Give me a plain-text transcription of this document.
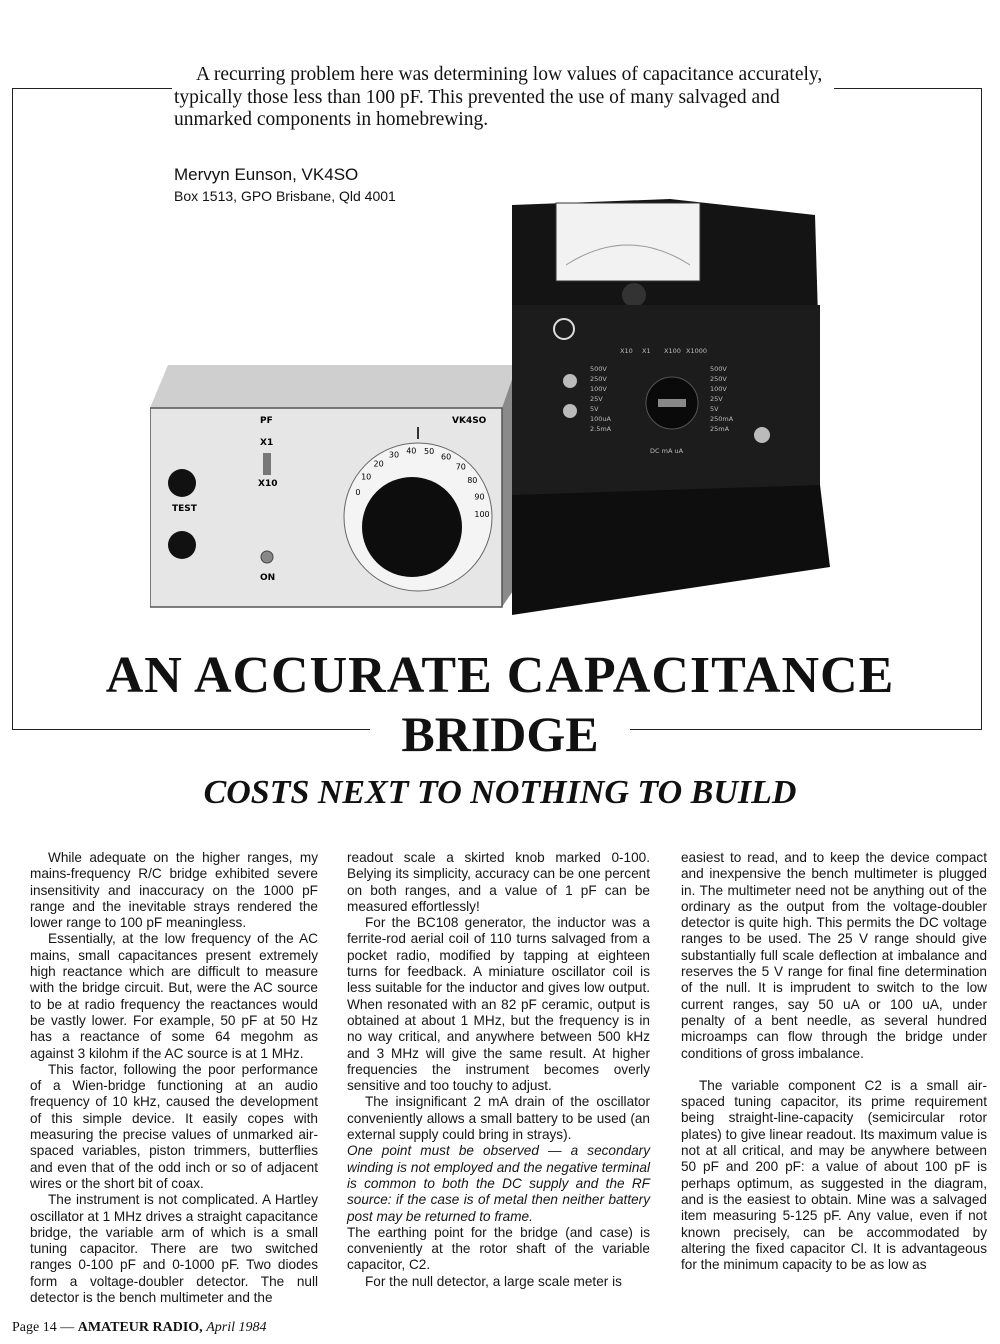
A recurring problem here was determining low values of capacitance accurately, typically those less than 100 pF. This prevented the use of many salvaged and unmarked components in homebrewing.

Mervyn Eunson, VK4SO
Box 1513, GPO Brisbane, Qld 4001
PF	VK4SO
X1
X10
TEST
ON
0
10
20
30 40 50
60
70
80
90
100
500V
250V
100V
25V
5V
100uA
2.5mA
500V
250V
100V
25V
5V
250mA
25mA
X10 X1 X100 X1000
DC mA uA
AN ACCURATE CAPACITANCE
BRIDGE
COSTS NEXT TO NOTHING TO BUILD

While adequate on the higher ranges, my mains-frequency R/C bridge exhibited severe insensitivity and inaccuracy on the 1000 pF range and the inevitable strays rendered the lower range to 100 pF meaningless.

Essentially, at the low frequency of the AC mains, small capacitances present extremely high reactance which are difficult to measure with the bridge circuit. But, were the AC source to be at radio frequency the reactances would be vastly lower. For example, 50 pF at 50 Hz has a reactance of some 64 megohm as against 3 kilohm if the AC source is at 1 MHz.

This factor, following the poor performance of a Wien-bridge functioning at an audio frequency of 10 kHz, caused the development of this simple device. It easily copes with measuring the precise values of unmarked air-spaced variables, piston trimmers, butterflies and even that of the odd inch or so of adjacent wires or the short bit of coax.

The instrument is not complicated. A Hartley oscillator at 1 MHz drives a straight capacitance bridge, the variable arm of which is a small tuning capacitor. There are two switched ranges 0-100 pF and 0-1000 pF. Two diodes form a voltage-doubler detector. The null detector is the bench multimeter and the

readout scale a skirted knob marked 0-100. Belying its simplicity, accuracy can be one percent on both ranges, and a value of 1 pF can be measured effortlessly!

For the BC108 generator, the inductor was a ferrite-rod aerial coil of 110 turns salvaged from a pocket radio, modified by tapping at eighteen turns for feedback. A miniature oscillator coil is less suitable for the inductor and gives low output. When resonated with an 82 pF ceramic, output is obtained at about 1 MHz, but the frequency is in no way critical, and anywhere between 500 kHz and 3 MHz will give the same result. At higher frequencies the instrument becomes overly sensitive and too touchy to adjust.

The insignificant 2 mA drain of the oscillator conveniently allows a small battery to be used (an external supply could bring in strays).

One point must be observed — a secondary winding is not employed and the negative terminal is common to both the DC supply and the RF source: if the case is of metal then neither battery post may be returned to frame.

The earthing point for the bridge (and case) is conveniently at the rotor shaft of the variable capacitor, C2.

For the null detector, a large scale meter is

easiest to read, and to keep the device compact and inexpensive the bench multimeter is plugged in. The multimeter need not be anything out of the ordinary as the output from the voltage-doubler detector is quite high. This permits the DC voltage ranges to be used. The 25 V range should give substantially full scale deflection at imbalance and reserves the 5 V range for final fine determination of the null. It is imprudent to switch to the low current ranges, say 50 uA or 100 uA, under penalty of a bent needle, as several hundred microamps can flow through the bridge under conditions of gross imbalance.

The variable component C2 is a small air-spaced tuning capacitor, its prime requirement being straight-line-capacity (semicircular rotor plates) to give linear readout. Its maximum value is not at all critical, and may be anywhere between 50 pF and 200 pF: a value of about 100 pF is perhaps optimum, as suggested in the diagram, and is the easiest to obtain. Mine was a salvaged item measuring 5-125 pF. Any value, even if not known precisely, can be accommodated by altering the fixed capacitor Cl. It is advantageous for the minimum capacity to be as low as

Page 14 — AMATEUR RADIO, April 1984
